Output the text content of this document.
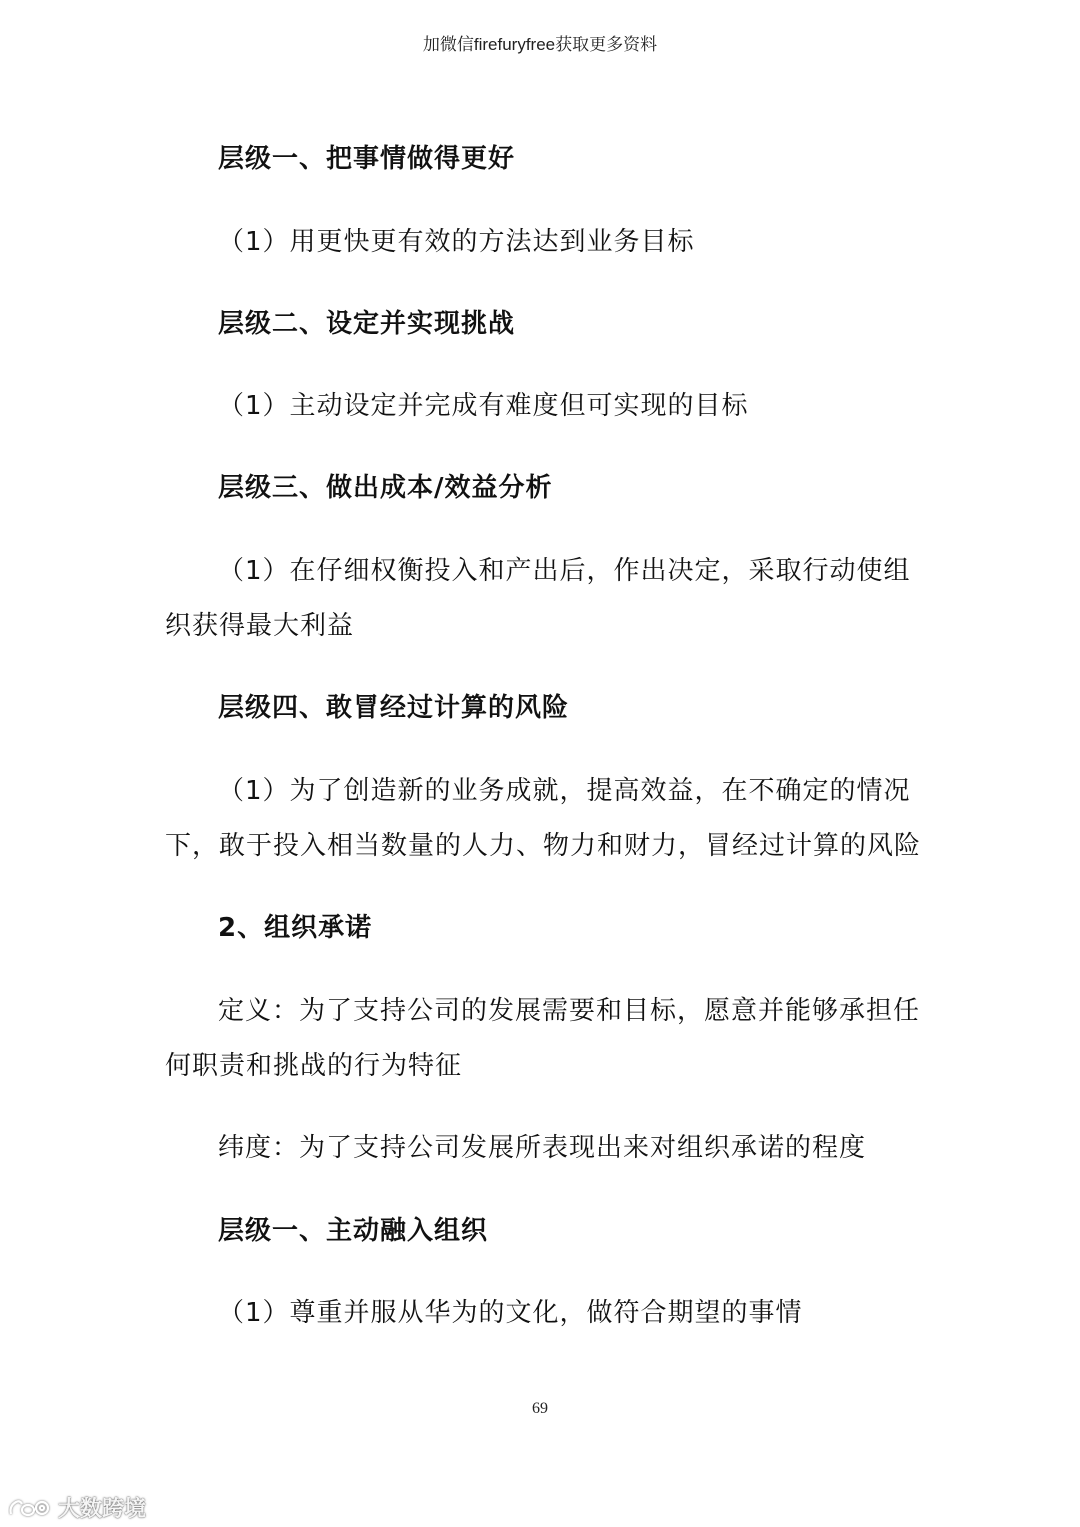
加微信firefuryfree获取更多资料
层级一、把事情做得更好
（1）用更快更有效的方法达到业务目标
层级二、设定并实现挑战
（1）主动设定并完成有难度但可实现的目标
层级三、做出成本/效益分析
（1）在仔细权衡投入和产出后，作出决定，采取行动使组
织获得最大利益
层级四、敢冒经过计算的风险
（1）为了创造新的业务成就，提高效益，在不确定的情况
下，敢于投入相当数量的人力、物力和财力，冒经过计算的风险
2、组织承诺
定义：为了支持公司的发展需要和目标，愿意并能够承担任
何职责和挑战的行为特征
纬度：为了支持公司发展所表现出来对组织承诺的程度
层级一、主动融入组织
（1）尊重并服从华为的文化，做符合期望的事情
69
大数跨境
